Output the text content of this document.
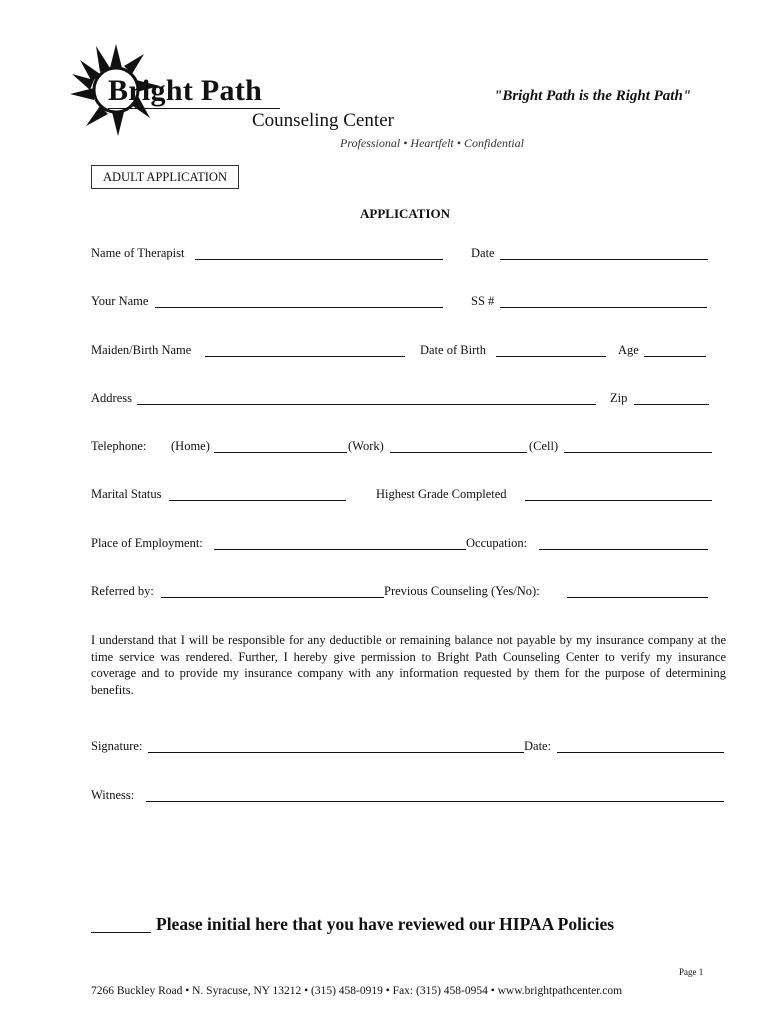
Bright Path
Counseling Center
Professional • Heartfelt • Confidential
"Bright Path is the Right Path"
ADULT APPLICATION
APPLICATION
Name of Therapist	Date
Your Name	SS #
Maiden/Birth Name	Date of Birth	Age
Address	Zip
Telephone: (Home)	(Work)	(Cell)
Marital Status	Highest Grade Completed
Place of Employment:	Occupation:
Referred by:	Previous Counseling (Yes/No):
I understand that I will be responsible for any deductible or remaining balance not payable by my insurance company at the time service was rendered. Further, I hereby give permission to Bright Path Counseling Center to verify my insurance coverage and to provide my insurance company with any information requested by them for the purpose of determining benefits.
Signature:	Date:
Witness:
Please initial here that you have reviewed our HIPAA Policies
Page 1
7266 Buckley Road • N. Syracuse, NY 13212 • (315) 458-0919 • Fax: (315) 458-0954 • www.brightpathcenter.com
